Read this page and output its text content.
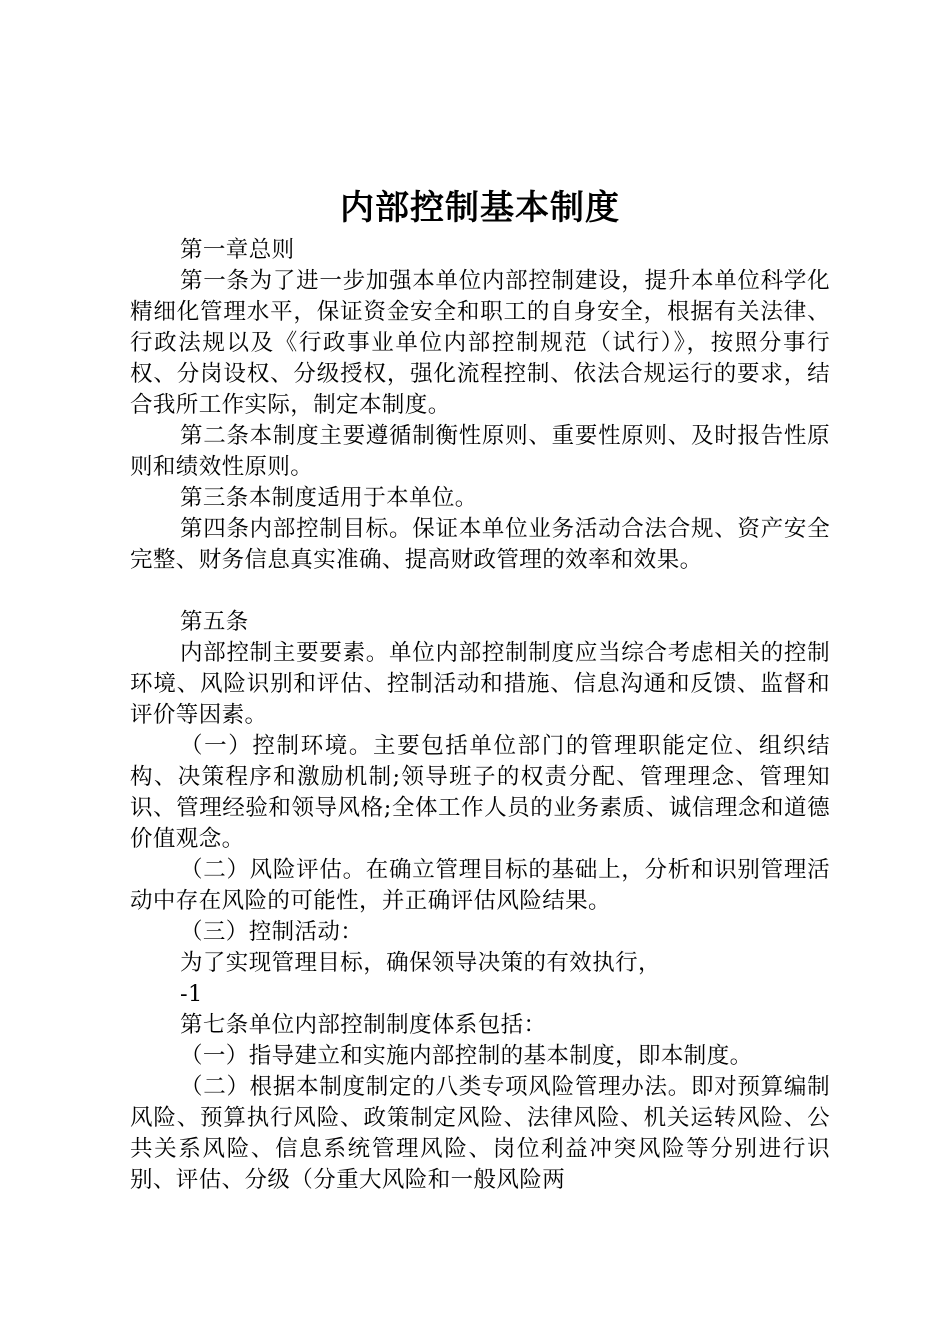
内部控制基本制度

第一章总则

第一条为了进一步加强本单位内部控制建设，提升本单位科学化精细化管理水平，保证资金安全和职工的自身安全，根据有关法律、行政法规以及《行政事业单位内部控制规范（试行）》，按照分事行权、分岗设权、分级授权，强化流程控制、依法合规运行的要求，结合我所工作实际，制定本制度。

第二条本制度主要遵循制衡性原则、重要性原则、及时报告性原则和绩效性原则。

第三条本制度适用于本单位。

第四条内部控制目标。保证本单位业务活动合法合规、资产安全完整、财务信息真实准确、提高财政管理的效率和效果。

第五条

内部控制主要要素。单位内部控制制度应当综合考虑相关的控制环境、风险识别和评估、控制活动和措施、信息沟通和反馈、监督和评价等因素。

（一）控制环境。主要包括单位部门的管理职能定位、组织结构、决策程序和激励机制;领导班子的权责分配、管理理念、管理知识、管理经验和领导风格;全体工作人员的业务素质、诚信理念和道德价值观念。

（二）风险评估。在确立管理目标的基础上，分析和识别管理活动中存在风险的可能性，并正确评估风险结果。

（三）控制活动：

为了实现管理目标，确保领导决策的有效执行，

-1

第七条单位内部控制制度体系包括：

（一）指导建立和实施内部控制的基本制度，即本制度。

（二）根据本制度制定的八类专项风险管理办法。即对预算编制风险、预算执行风险、政策制定风险、法律风险、机关运转风险、公共关系风险、信息系统管理风险、岗位利益冲突风险等分别进行识别、评估、分级（分重大风险和一般风险两
